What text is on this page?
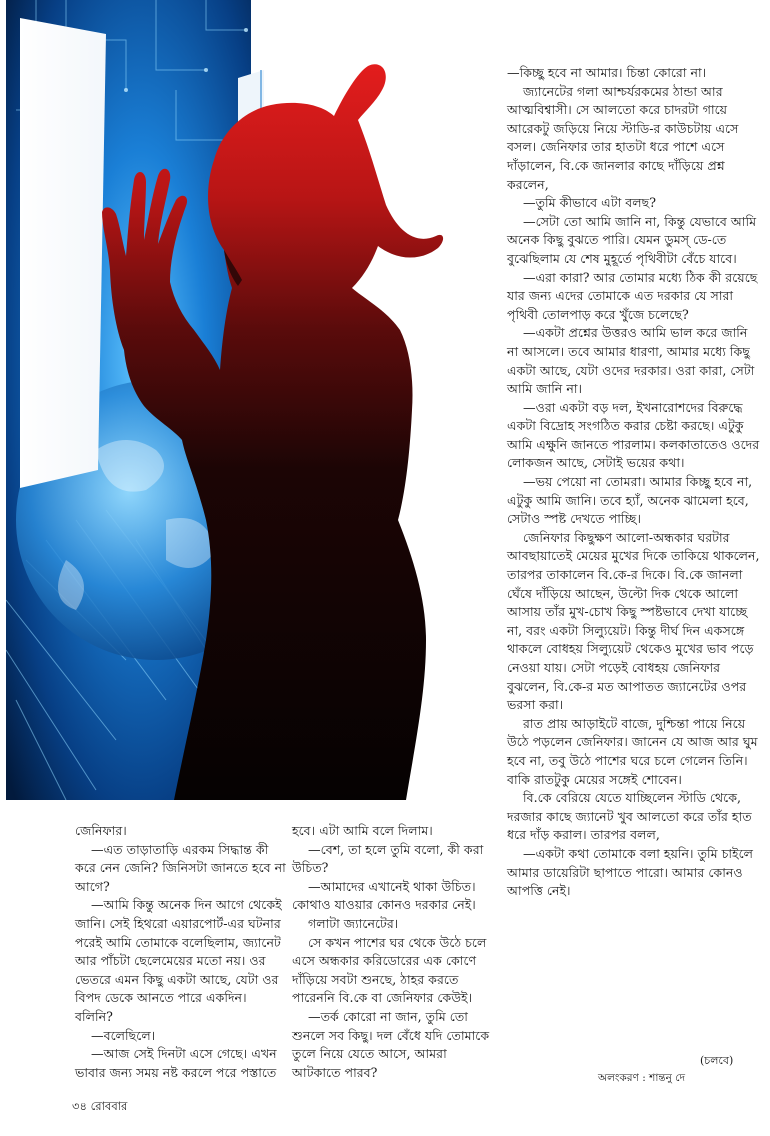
—কিচ্ছু হবে না আমার। চিন্তা কোরো না।

জ্যানেটের গলা আশ্চর্যরকমের ঠান্ডা আর আত্মবিশ্বাসী। সে আলতো করে চাদরটা গায়ে আরেকটু জড়িয়ে নিয়ে স্টাডি-র কাউচটায় এসে বসল। জেনিফার তার হাতটা ধরে পাশে এসে দাঁড়ালেন, বি.কে জানলার কাছে দাঁড়িয়ে প্রশ্ন করলেন,

—তুমি কীভাবে এটা বলছ?

—সেটা তো আমি জানি না, কিন্তু যেভাবে আমি অনেক কিছু বুঝতে পারি। যেমন ডুমস্‌ ডে-তে বুঝেছিলাম যে শেষ মুহূর্তে পৃথিবীটা বেঁচে যাবে।

—এরা কারা? আর তোমার মধ্যে ঠিক কী রয়েছে যার জন্য এদের তোমাকে এত দরকার যে সারা পৃথিবী তোলপাড় করে খুঁজে চলেছে?

—একটা প্রশ্নের উত্তরও আমি ভাল করে জানি না আসলে। তবে আমার ধারণা, আমার মধ্যে কিছু একটা আছে, যেটা ওদের দরকার। ওরা কারা, সেটা আমি জানি না।

—ওরা একটা বড় দল, ইখনারোশদের বিরুদ্ধে একটা বিদ্রোহ সংগঠিত করার চেষ্টা করছে। এটুকু আমি এক্ষুনি জানতে পারলাম। কলকাতাতেও ওদের লোকজন আছে, সেটাই ভয়ের কথা।

—ভয় পেয়ো না তোমরা। আমার কিচ্ছু হবে না, এটুকু আমি জানি। তবে হ্যাঁ, অনেক ঝামেলা হবে, সেটাও স্পষ্ট দেখতে পাচ্ছি।

জেনিফার কিছুক্ষণ আলো-অন্ধকার ঘরটার আবছায়াতেই মেয়ের মুখের দিকে তাকিয়ে থাকলেন, তারপর তাকালেন বি.কে-র দিকে। বি.কে জানলা ঘেঁষে দাঁড়িয়ে আছেন, উল্টো দিক থেকে আলো আসায় তাঁর মুখ-চোখ কিছু স্পষ্টভাবে দেখা যাচ্ছে না, বরং একটা সিল্যুয়েট। কিন্তু দীর্ঘ দিন একসঙ্গে থাকলে বোধহয় সিল্যুয়েট থেকেও মুখের ভাব পড়ে নেওয়া যায়। সেটা পড়েই বোধহয় জেনিফার বুঝলেন, বি.কে-র মত আপাতত জ্যানেটের ওপর ভরসা করা।

রাত প্রায় আড়াইটে বাজে, দুশ্চিন্তা পায়ে নিয়ে উঠে পড়লেন জেনিফার। জানেন যে আজ আর ঘুম হবে না, তবু উঠে পাশের ঘরে চলে গেলেন তিনি। বাকি রাতটুকু মেয়ের সঙ্গেই শোবেন।

বি.কে বেরিয়ে যেতে যাচ্ছিলেন স্টাডি থেকে, দরজার কাছে জ্যানেট খুব আলতো করে তাঁর হাত ধরে দাঁড় করাল। তারপর বলল,

—একটা কথা তোমাকে বলা হয়নি। তুমি চাইলে আমার ডায়েরিটা ছাপাতে পারো। আমার কোনও আপত্তি নেই।

জেনিফার।

—এত তাড়াতাড়ি এরকম সিদ্ধান্ত কী করে নেন জেনি? জিনিসটা জানতে হবে না আগে?

—আমি কিন্তু অনেক দিন আগে থেকেই জানি। সেই হিথরো এয়ারপোর্ট-এর ঘটনার পরেই আমি তোমাকে বলেছিলাম, জ্যানেট আর পাঁচটা ছেলেমেয়ের মতো নয়। ওর ভেতরে এমন কিছু একটা আছে, যেটা ওর বিপদ ডেকে আনতে পারে একদিন। বলিনি?

—বলেছিলে।

—আজ সেই দিনটা এসে গেছে। এখন ভাবার জন্য সময় নষ্ট করলে পরে পস্তাতে

হবে। এটা আমি বলে দিলাম।

—বেশ, তা হলে তুমি বলো, কী করা উচিত?

—আমাদের এখানেই থাকা উচিত। কোথাও যাওয়ার কোনও দরকার নেই।

গলাটা জ্যানেটের।

সে কখন পাশের ঘর থেকে উঠে চলে এসে অন্ধকার করিডোরের এক কোণে দাঁড়িয়ে সবটা শুনছে, ঠাহর করতে পারেননি বি.কে বা জেনিফার কেউই।

—তর্ক কোরো না জান, তুমি তো শুনলে সব কিছু। দল বেঁধে যদি তোমাকে তুলে নিয়ে যেতে আসে, আমরা আটকাতে পারব?

(চলবে)
অলংকরণ : শান্তনু দে
৩৪ রোববার
